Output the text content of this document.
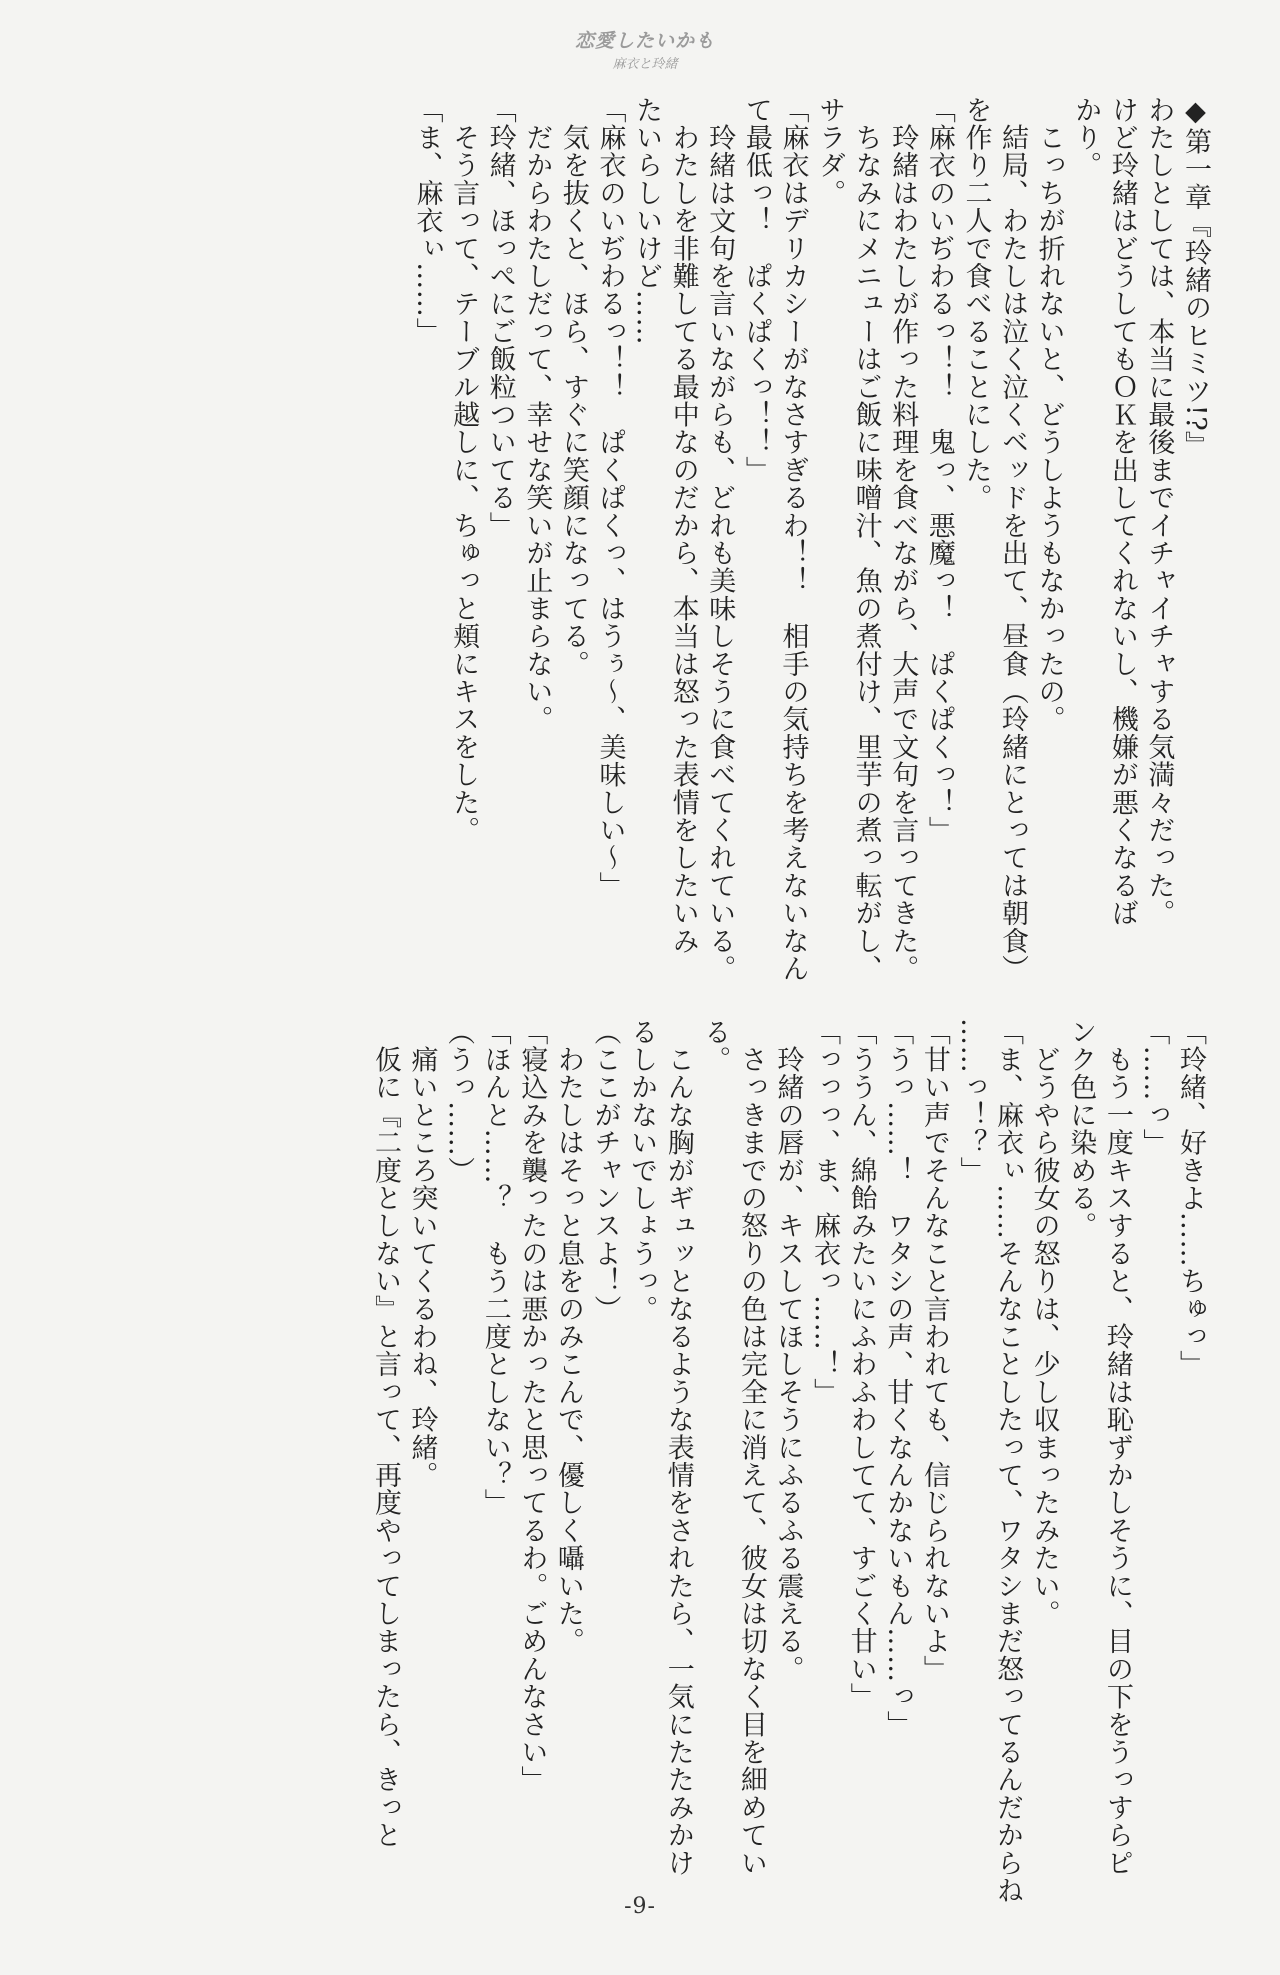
恋愛したいかも
麻衣と玲緒
◆第一章『玲緒のヒミツ!?』
わたしとしては、本当に最後までイチャイチャする気満々だった。
けど玲緒はどうしてもＯＫを出してくれないし、機嫌が悪くなるば
かり。
　こっちが折れないと、どうしようもなかったの。
　結局、わたしは泣く泣くベッドを出て、昼食（玲緒にとっては朝食）
を作り二人で食べることにした。
「麻衣のいぢわるっ！！　鬼っ、悪魔っ！　ぱくぱくっ！」
　玲緒はわたしが作った料理を食べながら、大声で文句を言ってきた。
　ちなみにメニューはご飯に味噌汁、魚の煮付け、里芋の煮っ転がし、
サラダ。
「麻衣はデリカシーがなさすぎるわ！！　相手の気持ちを考えないなん
て最低っ！　ぱくぱくっ！！」
　玲緒は文句を言いながらも、どれも美味しそうに食べてくれている。
　わたしを非難してる最中なのだから、本当は怒った表情をしたいみ
たいらしいけど……
「麻衣のいぢわるっ！！　ぱくぱくっ、はうぅ～、美味しい～」
　気を抜くと、ほら、すぐに笑顔になってる。
　だからわたしだって、幸せな笑いが止まらない。
「玲緒、ほっぺにご飯粒ついてる」
　そう言って、テーブル越しに、ちゅっと頬にキスをした。
「ま、麻衣ぃ……」
「玲緒、好きよ……ちゅっ」
「……っ」
　もう一度キスすると、玲緒は恥ずかしそうに、目の下をうっすらピ
ンク色に染める。
　どうやら彼女の怒りは、少し収まったみたい。
「ま、麻衣ぃ……そんなことしたって、ワタシまだ怒ってるんだからね
……っ！？」
「甘い声でそんなこと言われても、信じられないよ」
「うっ……！　ワタシの声、甘くなんかないもん……っ」
「ううん、綿飴みたいにふわふわしてて、すごく甘い」
「っっっ、ま、麻衣っ……！」
　玲緒の唇が、キスしてほしそうにふるふる震える。
　さっきまでの怒りの色は完全に消えて、彼女は切なく目を細めてい
る。
　こんな胸がギュッとなるような表情をされたら、一気にたたみかけ
るしかないでしょうっ。
（ここがチャンスよ！）
　わたしはそっと息をのみこんで、優しく囁いた。
「寝込みを襲ったのは悪かったと思ってるわ。ごめんなさい」
「ほんと……？　もう二度としない？」
（うっ……）
　痛いところ突いてくるわね、玲緒。
　仮に『二度としない』と言って、再度やってしまったら、きっと
-9-
